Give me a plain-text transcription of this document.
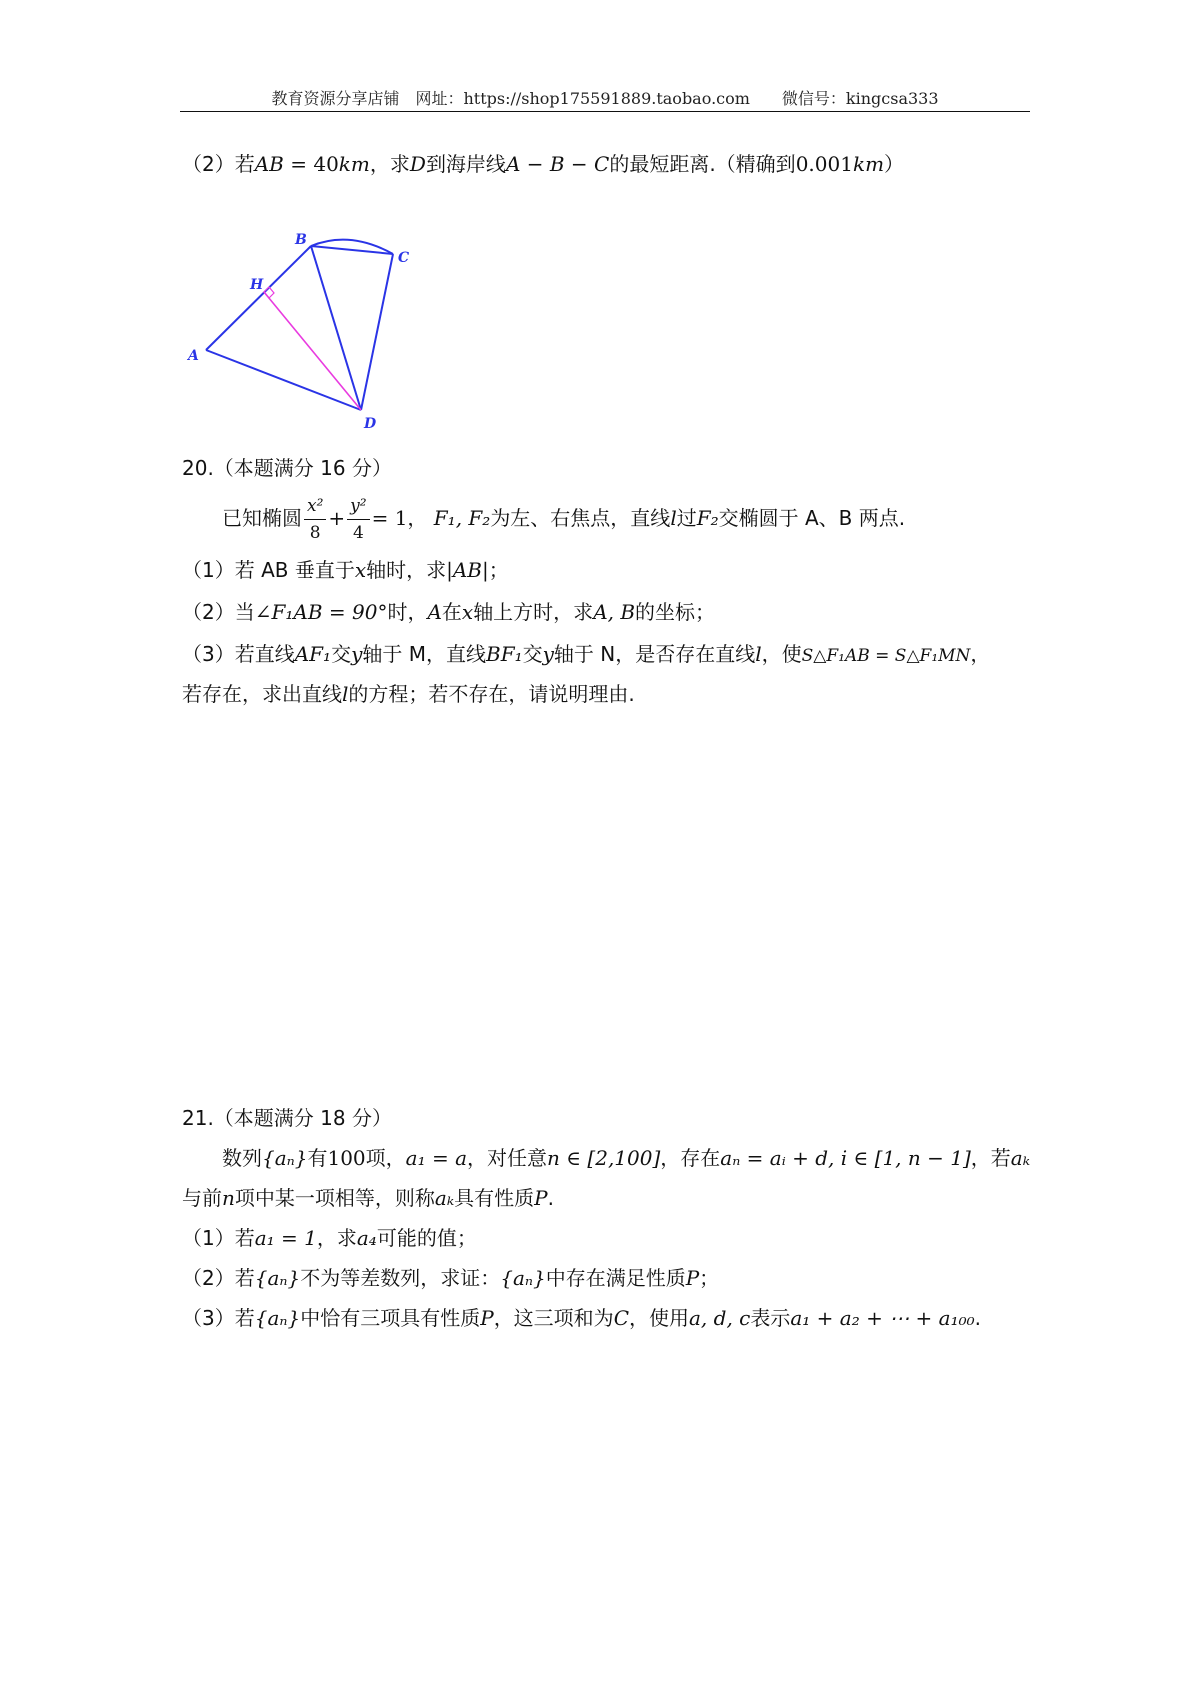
教育资源分享店铺　网址：https://shop175591889.taobao.com　　微信号：kingcsa333
（2）若AB = 40km，求D到海岸线A − B − C的最短距离.（精确到0.001km）
A
B
C
D
H
20.（本题满分 16 分）
已知椭圆 $\frac{\text{x²}}{8} + \frac{\text{y²}}{4} = 1$， F₁, F₂为左、右焦点，直线l过F₂交椭圆于 A、B 两点.
（1）若 AB 垂直于x轴时，求|AB|；
（2）当∠F₁AB = 90°时，A在x轴上方时，求A, B的坐标；
（3）若直线AF₁交y轴于 M，直线BF₁交y轴于 N，是否存在直线l，使S△F₁AB = S△F₁MN，
若存在，求出直线l的方程；若不存在，请说明理由.
21.（本题满分 18 分）
数列{aₙ}有100项，a₁ = a，对任意n ∈ [2,100]，存在aₙ = aᵢ + d, i ∈ [1, n − 1]，若aₖ
与前n项中某一项相等，则称aₖ具有性质P.
（1）若a₁ = 1，求a₄可能的值；
（2）若{aₙ}不为等差数列，求证：{aₙ}中存在满足性质P；
（3）若{aₙ}中恰有三项具有性质P，这三项和为C，使用a, d, c表示a₁ + a₂ + ⋯ + a₁₀₀.
